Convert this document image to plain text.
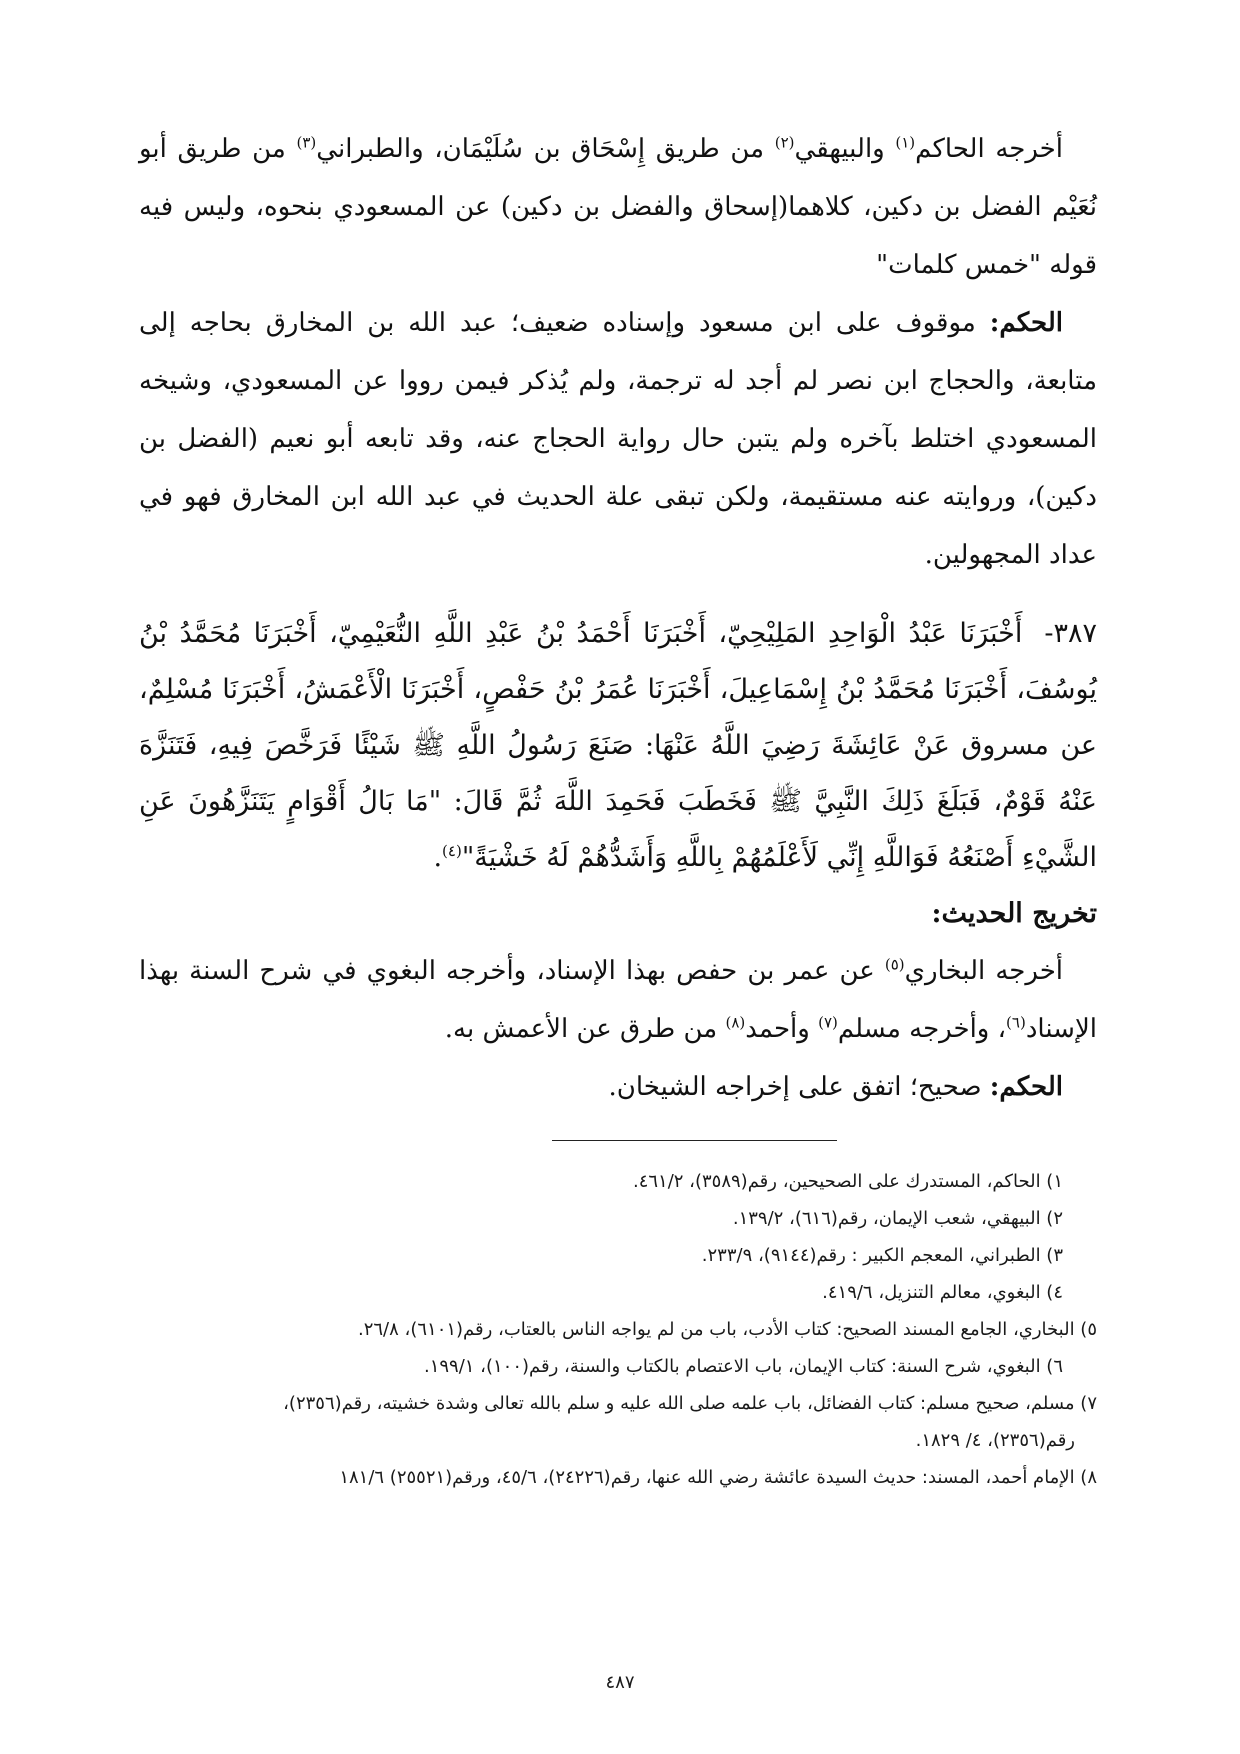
أخرجه الحاكم$^{(١)}$ والبيهقي$^{(٢)}$ من طريق إِسْحَاق بن سُلَيْمَان، والطبراني$^{(٣)}$ من طريق أبو نُعَيْم الفضل بن دكين، كلاهما(إسحاق والفضل بن دكين) عن المسعودي بنحوه، وليس فيه قوله "خمس كلمات"

الحكم: موقوف على ابن مسعود وإسناده ضعيف؛ عبد الله بن المخارق بحاجه إلى متابعة، والحجاج ابن نصر لم أجد له ترجمة، ولم يُذكر فيمن رووا عن المسعودي، وشيخه المسعودي اختلط بآخره ولم يتبن حال رواية الحجاج عنه، وقد تابعه أبو نعيم (الفضل بن دكين)، وروايته عنه مستقيمة، ولكن تبقى علة الحديث في عبد الله ابن المخارق فهو في عداد المجهولين.

٣٨٧-أَخْبَرَنَا عَبْدُ الْوَاحِدِ المَلِيْحِيّ، أَخْبَرَنَا أَحْمَدُ بْنُ عَبْدِ اللَّهِ النُّعَيْمِيّ، أَخْبَرَنَا مُحَمَّدُ بْنُ يُوسُفَ، أَخْبَرَنَا مُحَمَّدُ بْنُ إِسْمَاعِيلَ، أَخْبَرَنَا عُمَرُ بْنُ حَفْصٍ، أَخْبَرَنَا الْأَعْمَشُ، أَخْبَرَنَا مُسْلِمٌ، عن مسروق عَنْ عَائِشَةَ رَضِيَ اللَّهُ عَنْهَا: صَنَعَ رَسُولُ اللَّهِ ﷺ شَيْئًا فَرَخَّصَ فِيهِ، فَتَنَزَّهَ عَنْهُ قَوْمٌ، فَبَلَغَ ذَلِكَ النَّبِيَّ ﷺ فَخَطَبَ فَحَمِدَ اللَّهَ ثُمَّ قَالَ: "مَا بَالُ أَقْوَامٍ يَتَنَزَّهُونَ عَنِ الشَّيْءِ أَصْنَعُهُ فَوَاللَّهِ إِنِّي لَأَعْلَمُهُمْ بِاللَّهِ وَأَشَدُّهُمْ لَهُ خَشْيَةً"$^{(٤)}$.

تخريج الحديث:

أخرجه البخاري$^{(٥)}$ عن عمر بن حفص بهذا الإسناد، وأخرجه البغوي في شرح السنة بهذا الإسناد$^{(٦)}$، وأخرجه مسلم$^{(٧)}$ وأحمد$^{(٨)}$ من طرق عن الأعمش به.

الحكم: صحيح؛ اتفق على إخراجه الشيخان.

١) الحاكم، المستدرك على الصحيحين، رقم(٣٥٨٩)، ٤٦١/٢.
٢) البيهقي، شعب الإيمان، رقم(٦١٦)، ١٣٩/٢.
٣) الطبراني، المعجم الكبير : رقم(٩١٤٤)، ٢٣٣/٩.
٤) البغوي، معالم التنزيل، ٤١٩/٦.
٥) البخاري، الجامع المسند الصحيح: كتاب الأدب، باب من لم يواجه الناس بالعتاب، رقم(٦١٠١)، ٢٦/٨.
٦) البغوي، شرح السنة: كتاب الإيمان، باب الاعتصام بالكتاب والسنة، رقم(١٠٠)، ١٩٩/١.
٧) مسلم، صحيح مسلم: كتاب الفضائل، باب علمه صلى الله عليه و سلم بالله تعالى وشدة خشيته، رقم(٢٣٥٦)،
رقم(٢٣٥٦)، ٤/ ١٨٢٩.
٨) الإمام أحمد، المسند: حديث السيدة عائشة رضي الله عنها، رقم(٢٤٢٢٦)، ٤٥/٦، ورقم(٢٥٥٢١) ١٨١/٦
٤٨٧
